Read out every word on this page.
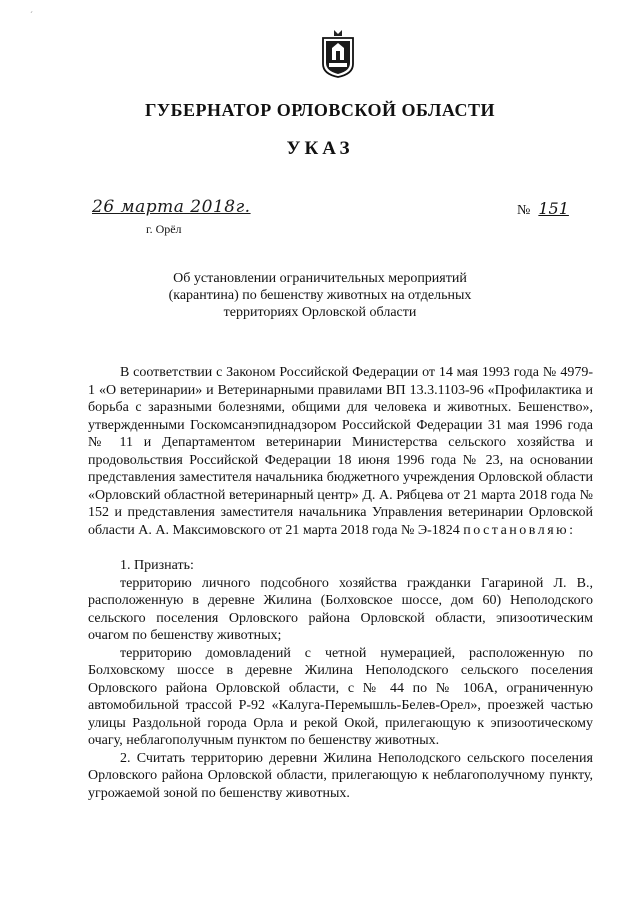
´
ГУБЕРНАТОР ОРЛОВСКОЙ ОБЛАСТИ
УКАЗ
26 марта 2018г.	№ 151
г. Орёл
Об установлении ограничительных мероприятий
(карантина) по бешенству животных на отдельных
территориях Орловской области

В соответствии с Законом Российской Федерации от 14 мая 1993 года № 4979-1 «О ветеринарии» и Ветеринарными правилами ВП 13.3.1103-96 «Профилактика и борьба с заразными болезнями, общими для человека и животных. Бешенство», утвержденными Госкомсанэпиднадзором Российской Федерации 31 мая 1996 года № 11 и Департаментом ветеринарии Министерства сельского хозяйства и продовольствия Российской Федерации 18 июня 1996 года № 23, на основании представления заместителя начальника бюджетного учреждения Орловской области «Орловский областной ветеринарный центр» Д. А. Рябцева от 21 марта 2018 года № 152 и представления заместителя начальника Управления ветеринарии Орловской области А. А. Максимовского от 21 марта 2018 года № Э-1824 постановляю:

1. Признать:

территорию личного подсобного хозяйства гражданки Гагариной Л. В., расположенную в деревне Жилина (Болховское шоссе, дом 60) Неполодского сельского поселения Орловского района Орловской области, эпизоотическим очагом по бешенству животных;

территорию домовладений с четной нумерацией, расположенную по Болховскому шоссе в деревне Жилина Неполодского сельского поселения Орловского района Орловской области, с № 44 по № 106А, ограниченную автомобильной трассой Р-92 «Калуга-Перемышль-Белев-Орел», проезжей частью улицы Раздольной города Орла и рекой Окой, прилегающую к эпизоотическому очагу, неблагополучным пунктом по бешенству животных.

2. Считать территорию деревни Жилина Неполодского сельского поселения Орловского района Орловской области, прилегающую к неблагополучному пункту, угрожаемой зоной по бешенству животных.
